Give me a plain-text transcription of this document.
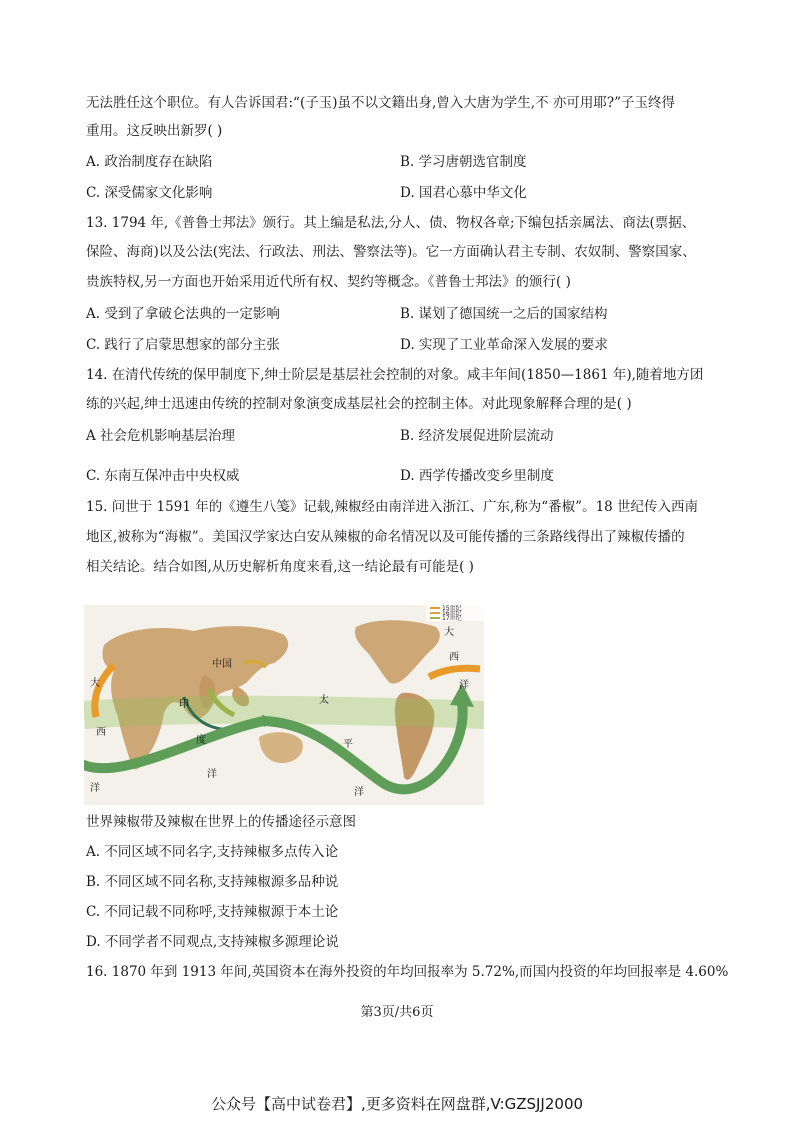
无法胜任这个职位。有人告诉国君:“(子玉)虽不以文籍出身,曾入大唐为学生,不 亦可用耶?”子玉终得
重用。这反映出新罗( )
A. 政治制度存在缺陷	B. 学习唐朝选官制度
C. 深受儒家文化影响	D. 国君心慕中华文化
13. 1794 年,《普鲁士邦法》颁行。其上编是私法,分人、债、物权各章;下编包括亲属法、商法(票据、
保险、海商)以及公法(宪法、行政法、刑法、警察法等)。它一方面确认君主专制、农奴制、警察国家、
贵族特权,另一方面也开始采用近代所有权、契约等概念。《普鲁士邦法》的颁行( )
A. 受到了拿破仑法典的一定影响	B. 谋划了德国统一之后的国家结构
C. 践行了启蒙思想家的部分主张	D. 实现了工业革命深入发展的要求
14. 在清代传统的保甲制度下,绅士阶层是基层社会控制的对象。咸丰年间(1850—1861 年),随着地方团
练的兴起,绅士迅速由传统的控制对象演变成基层社会的控制主体。对此现象解释合理的是( )
A 社会危机影响基层治理	B. 经济发展促进阶层流动
C. 东南互保冲击中央权威	D. 西学传播改变乡里制度
15. 问世于 1591 年的《遵生八笺》记载,辣椒经由南洋进入浙江、广东,称为“番椒”。18 世纪传入西南
地区,被称为“海椒”。美国汉学家达白安从辣椒的命名情况以及可能传播的三条路线得出了辣椒传播的
相关结论。结合如图,从历史解析角度来看,这一结论最有可能是( )
中国
印
度
洋
太
平
洋
大
西
洋
大
西
洋
15世纪
16世纪
17世纪
世界辣椒带及辣椒在世界上的传播途径示意图
A. 不同区域不同名字,支持辣椒多点传入论
B. 不同区域不同名称,支持辣椒源多品种说
C. 不同记载不同称呼,支持辣椒源于本土论
D. 不同学者不同观点,支持辣椒多源理论说
16. 1870 年到 1913 年间,英国资本在海外投资的年均回报率为 5.72%,而国内投资的年均回报率是 4.60%
第3页/共6页
公众号【高中试卷君】,更多资料在网盘群,V:GZSJJ2000
